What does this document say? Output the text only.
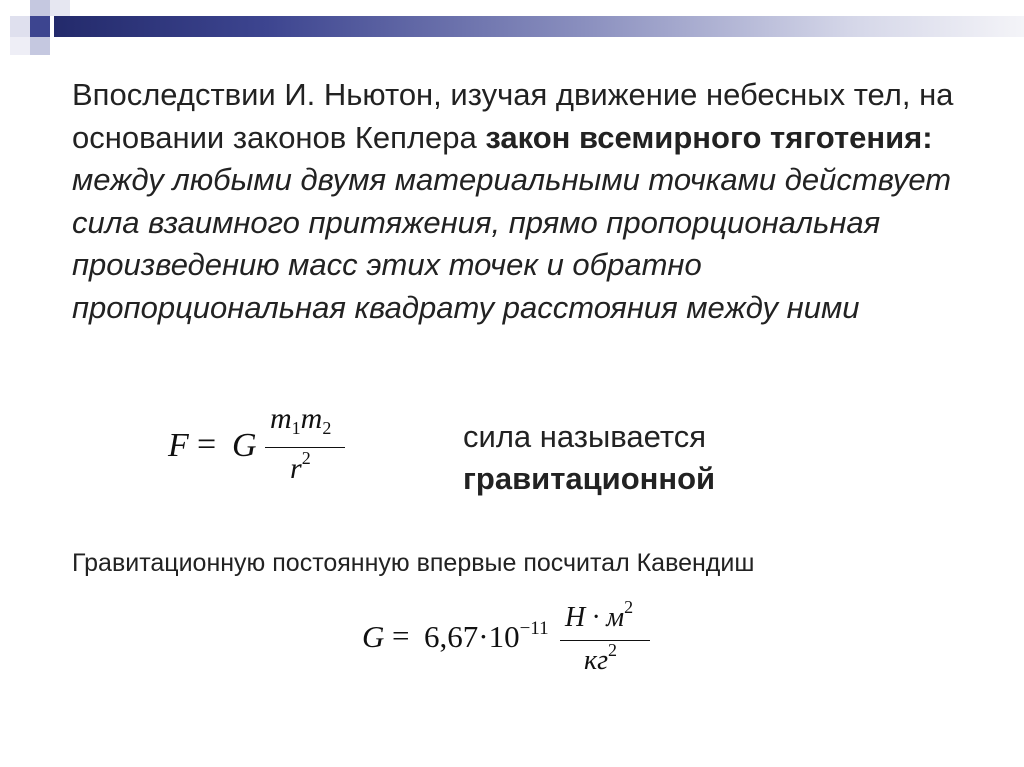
Впоследствии И. Ньютон, изучая движение небесных тел, на основании законов Кеплера закон всемирного тяготения: между любыми двумя материальными точками действует сила взаимного притяжения, прямо пропорциональная произведению масс этих точек и обратно пропорциональная квадрату расстояния между ними
F = G
$m_1m_2$
$r^2$
сила называется
гравитационной
Гравитационную постоянную впервые посчитал Кавендиш
$G = 6,67\cdot 10^{-11}$ $Н \cdot м^2$
$кг^2$
